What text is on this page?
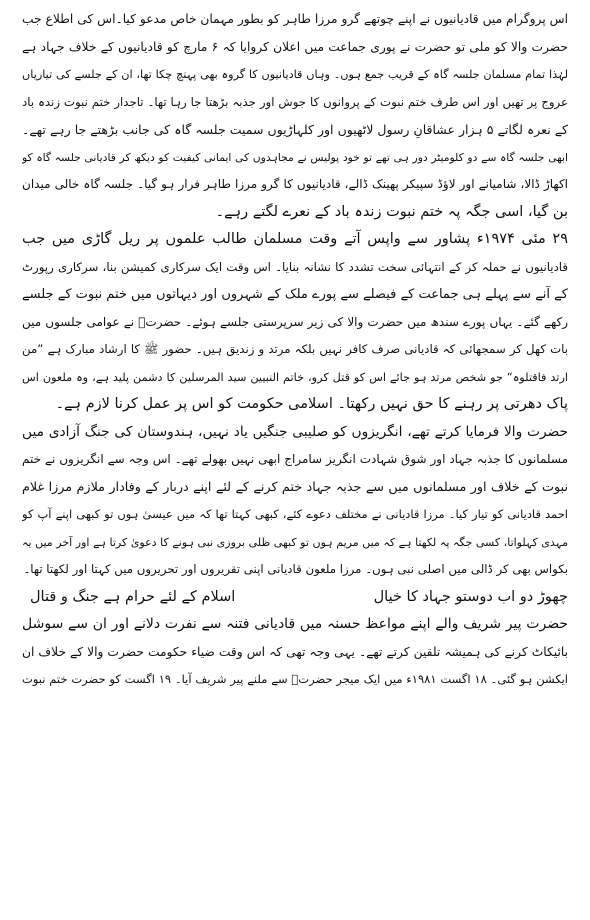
اس پروگرام میں قادیانیوں نے اپنے چوتھے گرو مرزا طاہر کو بطور مہمان خاص مدعو کیا۔اس کی اطلاع جب
حضرت والا کو ملی تو حضرت نے پوری جماعت میں اعلان کروایا کہ ۶ مارچ کو قادیانیوں کے خلاف جہاد ہے
لہٰذا تمام مسلمان جلسہ گاہ کے قریب جمع ہوں۔ وہاں قادیانیوں کا گروہ بھی پہنچ چکا تھا، ان کے جلسے کی تیاریاں
عروج پر تھیں اور اس طرف ختم نبوت کے پروانوں کا جوش اور جذبہ بڑھتا جا رہا تھا۔ تاجدار ختم نبوت زندہ باد
کے نعرہ لگاتے ۵ ہزار عشاقانِ رسول لاٹھیوں اور کلہاڑیوں سمیت جلسہ گاہ کی جانب بڑھتے جا رہے تھے۔
ابھی جلسہ گاہ سے دو کلومیٹر دور ہی تھے تو خود پولیس نے مجاہدوں کی ایمانی کیفیت کو دیکھ کر قادیانی جلسہ گاہ کو
اکھاڑ ڈالا، شامیانے اور لاؤڈ سپیکر پھینک ڈالے، قادیانیوں کا گرو مرزا طاہر فرار ہو گیا۔ جلسہ گاہ خالی میدان
بن گیا، اسی جگہ پہ ختم نبوت زندہ باد کے نعرے لگتے رہے۔
۲۹ مئی ۱۹۷۴ء پشاور سے واپس آتے وقت مسلمان طالب علموں پر ریل گاڑی میں جب
قادیانیوں نے حملہ کر کے انتہائی سخت تشدد کا نشانہ بنایا۔ اس وقت ایک سرکاری کمیشن بنا، سرکاری رپورٹ
کے آنے سے پہلے ہی جماعت کے فیصلے سے پورے ملک کے شہروں اور دیہاتوں میں ختم نبوت کے جلسے
رکھے گئے۔ یہاں پورے سندھ میں حضرت والا کی زیر سرپرستی جلسے ہوئے۔ حضرتؒ نے عوامی جلسوں میں
بات کھل کر سمجھائی کہ قادیانی صرف کافر نہیں بلکہ مرتد و زندیق ہیں۔ حضور ﷺ کا ارشاد مبارک ہے ”من
ارتد فاقتلوہ“ جو شخص مرتد ہو جائے اس کو قتل کرو، خاتم النبیین سید المرسلین کا دشمن پلید ہے، وہ ملعون اس
پاک دھرتی پر رہنے کا حق نہیں رکھتا۔ اسلامی حکومت کو اس پر عمل کرنا لازم ہے۔
حضرت والا فرمایا کرتے تھے، انگریزوں کو صلیبی جنگیں یاد نہیں، ہندوستان کی جنگ آزادی میں
مسلمانوں کا جذبہ جہاد اور شوق شہادت انگریز سامراج ابھی نہیں بھولے تھے۔ اس وجہ سے انگریزوں نے ختم
نبوت کے خلاف اور مسلمانوں میں سے جذبہ جہاد ختم کرنے کے لئے اپنے دربار کے وفادار ملازم مرزا غلام
احمد قادیانی کو تیار کیا۔ مرزا قادیانی نے مختلف دعوے کئے، کبھی کہتا تھا کہ میں عیسیٰ ہوں تو کبھی اپنے آپ کو
مہدی کہلواتا، کسی جگہ پہ لکھتا ہے کہ میں مریم ہوں تو کبھی ظلی بروزی نبی ہونے کا دعویٰ کرتا ہے اور آخر میں یہ
بکواس بھی کر ڈالی میں اصلی نبی ہوں۔ مرزا ملعون قادیانی اپنی تقریروں اور تحریروں میں کہتا اور لکھتا تھا۔
چھوڑ دو اب دوستو جہاد کا خیال
اسلام کے لئے حرام ہے جنگ و قتال
حضرت پیر شریف والے اپنے مواعظ حسنہ میں قادیانی فتنہ سے نفرت دلانے اور ان سے سوشل
بائیکاٹ کرنے کی ہمیشہ تلقین کرتے تھے۔ یہی وجہ تھی کہ اس وقت ضیاء حکومت حضرت والا کے خلاف ان
ایکشن ہو گئی۔ ۱۸ اگست ۱۹۸۱ء میں ایک میجر حضرتؒ سے ملنے پیر شریف آیا۔ ۱۹ اگست کو حضرت ختم نبوت
